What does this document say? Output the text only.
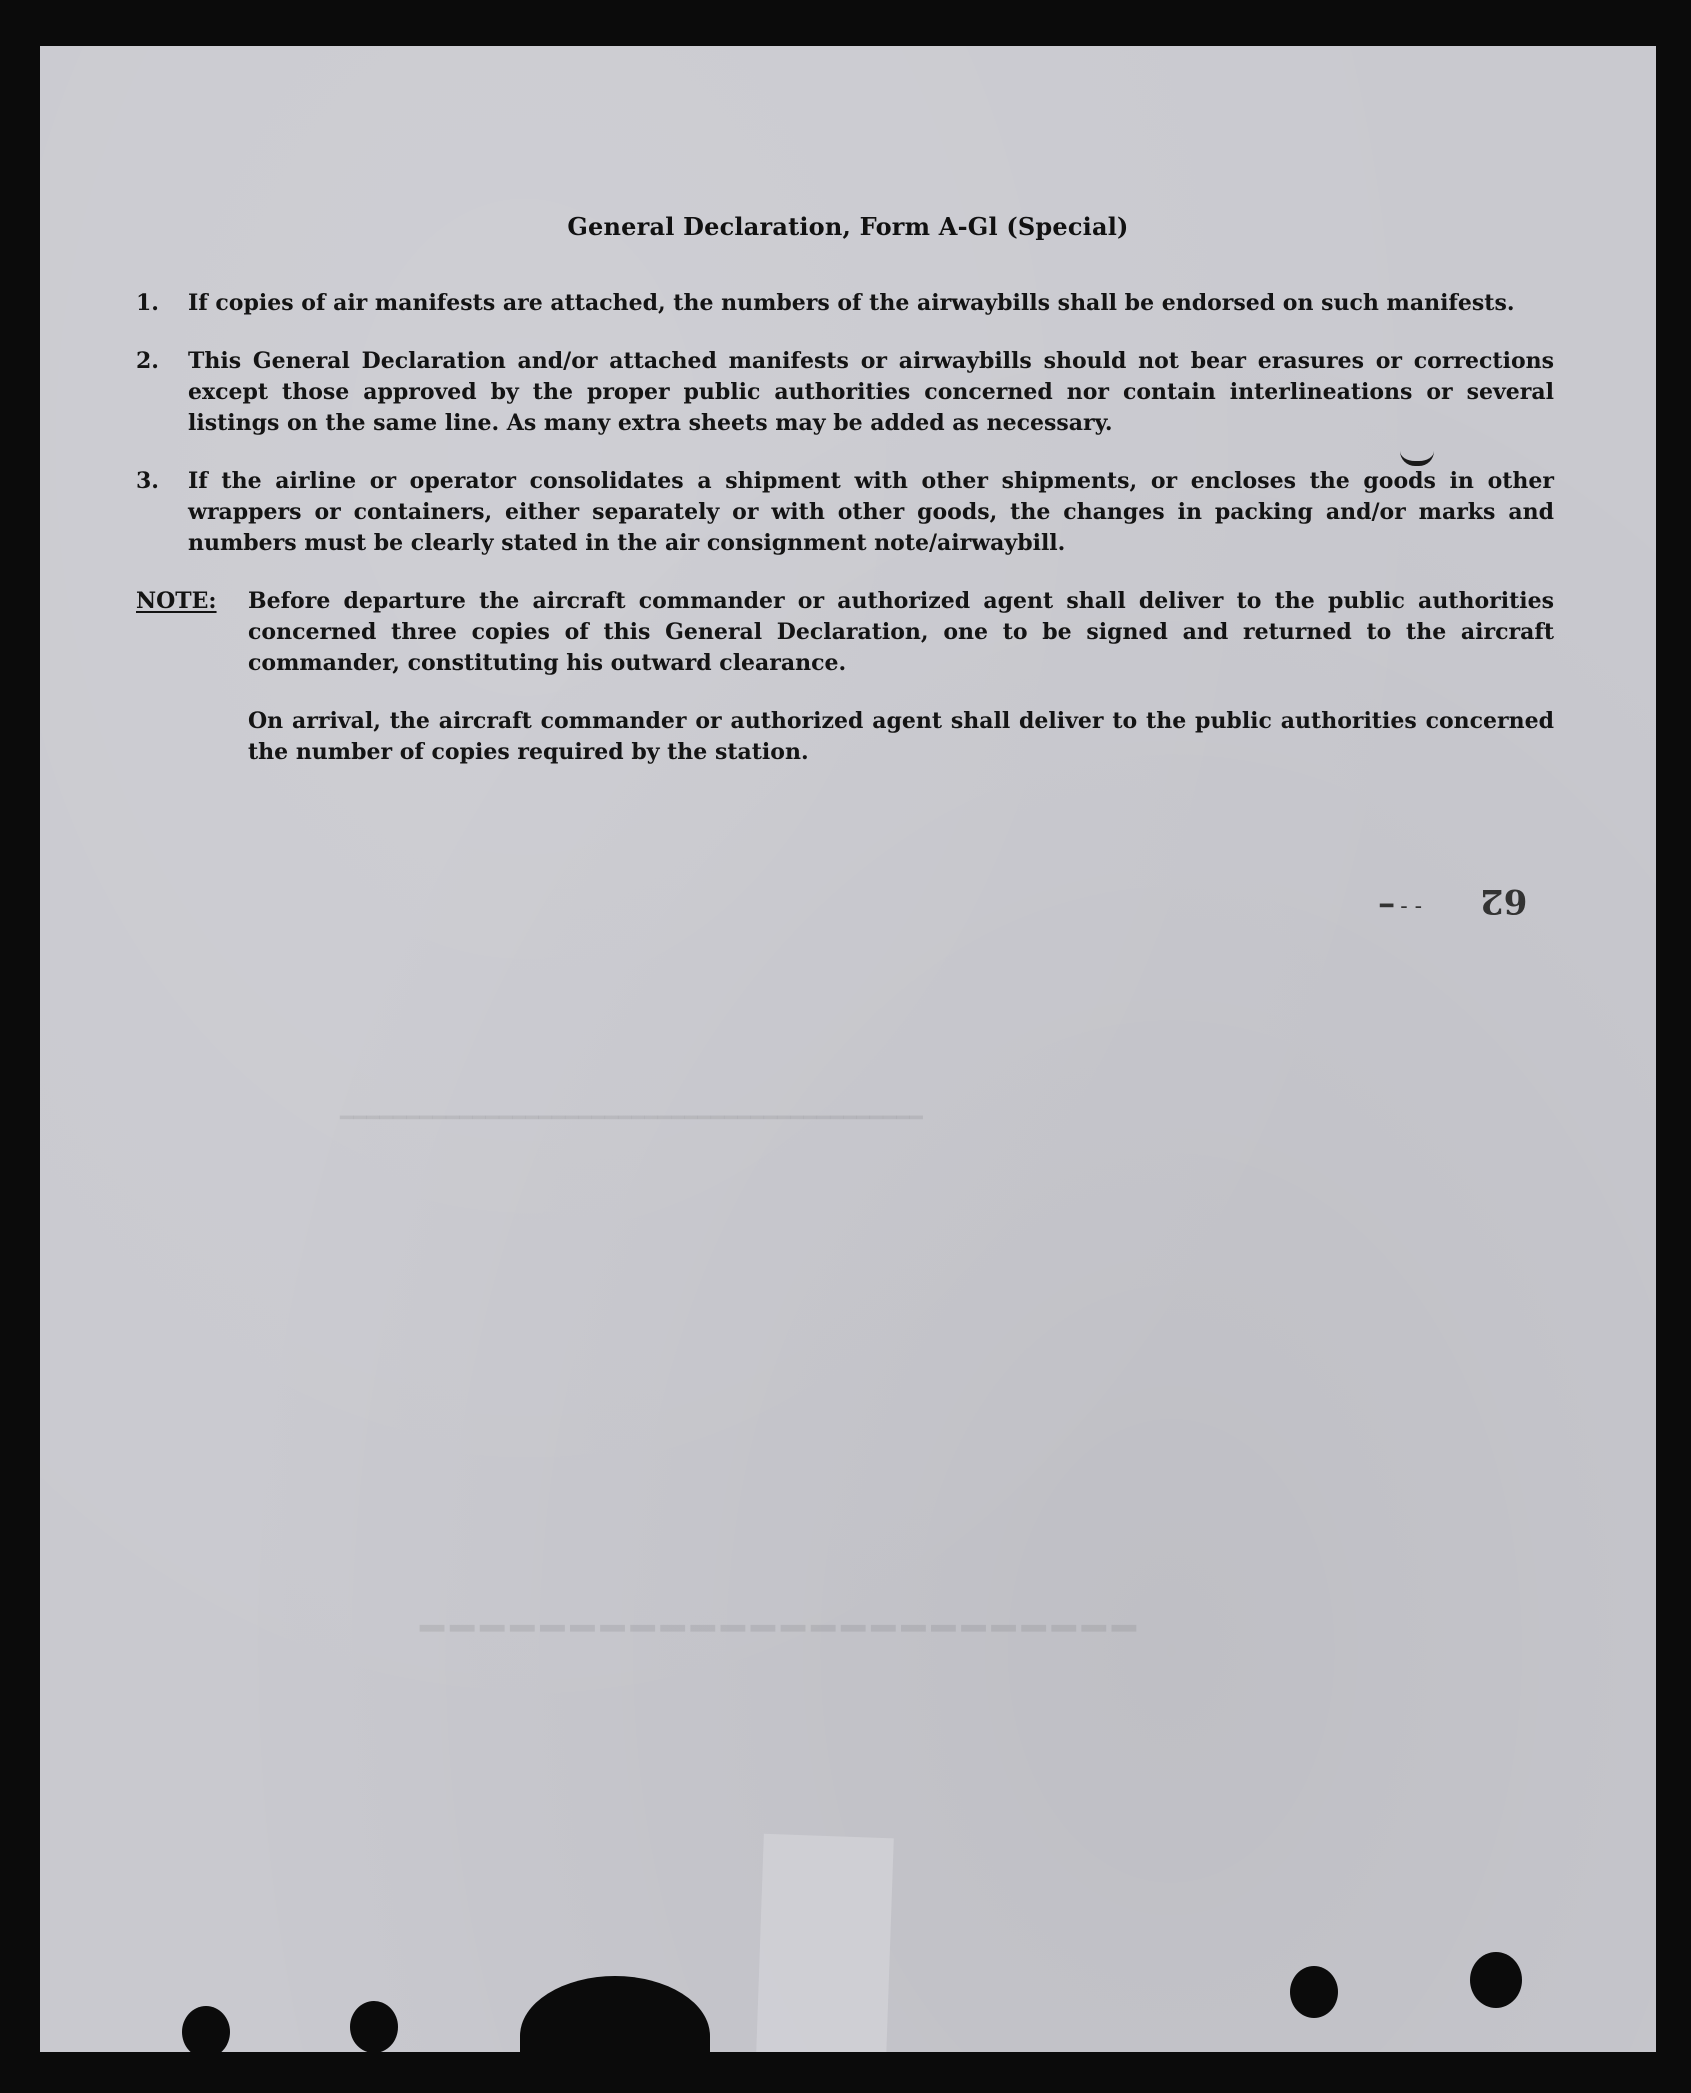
━━━━━━━━━━━━━━━━━━━━━━━━━━━━━━━━━━━━━━━━━━━━
━━━━━━━━━━━━━━━━━━━━━━━━
General Declaration, Form A-Gl (Special)
1. If copies of air manifests are attached, the numbers of the airwaybills shall be endorsed on such manifests.
2. This General Declaration and/or attached manifests or airwaybills should not bear erasures or corrections except those approved by the proper public authorities concerned nor contain interlineations or several listings on the same line. As many extra sheets may be added as necessary.
3. If the airline or operator consolidates a shipment with other shipments, or encloses the goods in other wrappers or containers, either separately or with other goods, the changes in packing and/or marks and numbers must be clearly stated in the air consignment note/airwaybill.
NOTE: Before departure the aircraft commander or authorized agent shall deliver to the public authorities concerned three copies of this General Declaration, one to be signed and returned to the aircraft commander, constituting his outward clearance.
On arrival, the aircraft commander or authorized agent shall deliver to the public authorities concerned the number of copies required by the station.
━ ‑ ‑ 62
